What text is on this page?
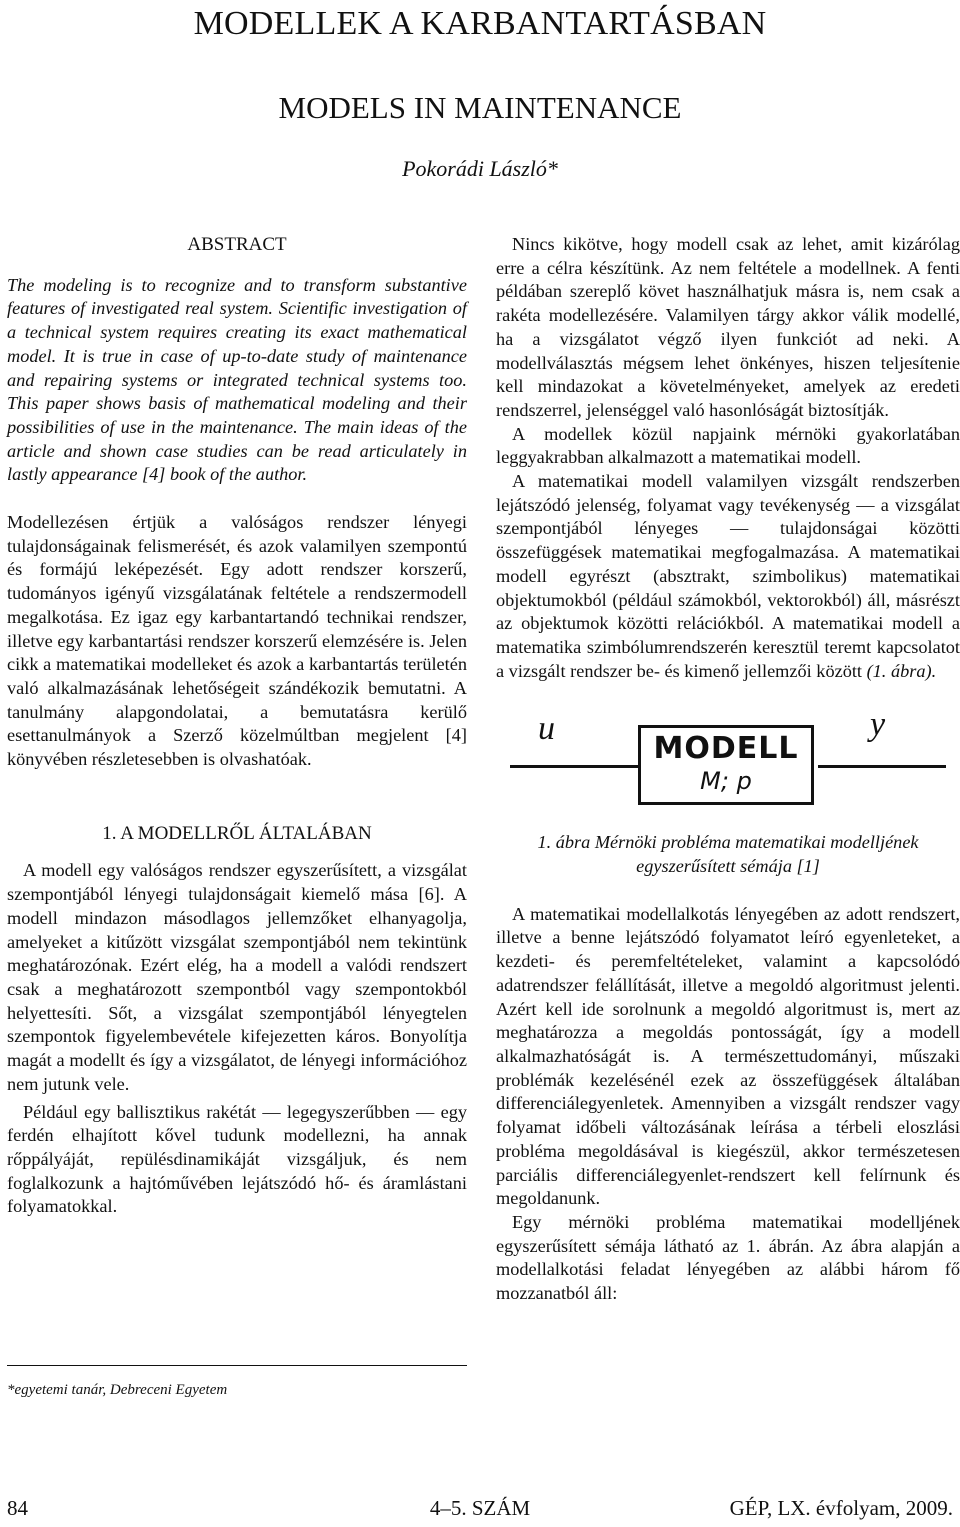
MODELLEK A KARBANTARTÁSBAN
MODELS IN MAINTENANCE
Pokorádi László*

ABSTRACT

The modeling is to recognize and to transform substantive features of investigated real system. Scientific investigation of a technical system requires creating its exact mathematical model. It is true in case of up-to-date study of maintenance and repairing systems or integrated technical systems too. This paper shows basis of mathematical modeling and their possibilities of use in the maintenance. The main ideas of the article and shown case studies can be read articulately in lastly appearance [4] book of the author.

Modellezésen értjük a valóságos rendszer lényegi tulajdonságainak felismerését, és azok valamilyen szempontú és formájú leképezését. Egy adott rendszer korszerű, tudományos igényű vizsgálatának feltétele a rendszermodell megalkotása. Ez igaz egy karbantartandó technikai rendszer, illetve egy karbantartási rendszer korszerű elemzésére is. Jelen cikk a matematikai modelleket és azok a karbantartás területén való alkalmazásának lehetőségeit szándékozik bemutatni. A tanulmány alapgondolatai, a bemutatásra kerülő esettanulmányok a Szerző közelmúltban megjelent [4] könyvében részletesebben is olvashatóak.

1. A MODELLRŐL ÁLTALÁBAN

A modell egy valóságos rendszer egyszerűsített, a vizsgálat szempontjából lényegi tulajdonságait kiemelő mása [6]. A modell mindazon másodlagos jellemzőket elhanyagolja, amelyeket a kitűzött vizsgálat szempontjából nem tekintünk meghatározónak. Ezért elég, ha a modell a valódi rendszert csak a meghatározott szempontból vagy szempontokból helyettesíti. Sőt, a vizsgálat szempontjából lényegtelen szempontok figyelembevétele kifejezetten káros. Bonyolítja magát a modellt és így a vizsgálatot, de lényegi információhoz nem jutunk vele.

Például egy ballisztikus rakétát — legegyszerűbben — egy ferdén elhajított kővel tudunk modellezni, ha annak rőppályáját, repülésdinamikáját vizsgáljuk, és nem foglalkozunk a hajtóművében lejátszódó hő- és áramlástani folyamatokkal.

Nincs kikötve, hogy modell csak az lehet, amit kizárólag erre a célra készítünk. Az nem feltétele a modellnek. A fenti példában szereplő követ használhatjuk másra is, nem csak a rakéta modellezésére. Valamilyen tárgy akkor válik modellé, ha a vizsgálatot végző ilyen funkciót ad neki. A modellválasztás mégsem lehet önkényes, hiszen teljesítenie kell mindazokat a követelményeket, amelyek az eredeti rendszerrel, jelenséggel való hasonlóságát biztosítják.

A modellek közül napjaink mérnöki gyakorlatában leggyakrabban alkalmazott a matematikai modell.

A matematikai modell valamilyen vizsgált rendszerben lejátszódó jelenség, folyamat vagy tevékenység — a vizsgálat szempontjából lényeges — tulajdonságai közötti összefüggések matematikai megfogalmazása. A matematikai modell egyrészt (absztrakt, szimbolikus) matematikai objektumokból (például számokból, vektorokból) áll, másrészt az objektumok közötti relációkból. A matematikai modell a matematika szimbólumrendszerén keresztül teremt kapcsolatot a vizsgált rendszer be- és kimenő jellemzői között (1. ábra).

u
MODELL
M; p
y

1. ábra Mérnöki probléma matematikai modelljének
egyszerűsített sémája [1]

A matematikai modellalkotás lényegében az adott rendszert, illetve a benne lejátszódó folyamatot leíró egyenleteket, a kezdeti- és peremfeltételeket, valamint a kapcsolódó adatrendszer felállítását, illetve a megoldó algoritmust jelenti. Azért kell ide sorolnunk a megoldó algoritmust is, mert az meghatározza a megoldás pontosságát, így a modell alkalmazhatóságát is. A természettudományi, műszaki problémák kezelésénél ezek az összefüggések általában differenciálegyenletek. Amennyiben a vizsgált rendszer vagy folyamat időbeli változásának leírása a térbeli eloszlási probléma megoldásával is kiegészül, akkor természetesen parciális differenciálegyenlet-rendszert kell felírnunk és megoldanunk.

Egy mérnöki probléma matematikai modelljének egyszerűsített sémája látható az 1. ábrán. Az ábra alapján a modellalkotási feladat lényegében az alábbi három fő mozzanatból áll:

*egyetemi tanár, Debreceni Egyetem
84	4–5. SZÁM	GÉP, LX. évfolyam, 2009.
